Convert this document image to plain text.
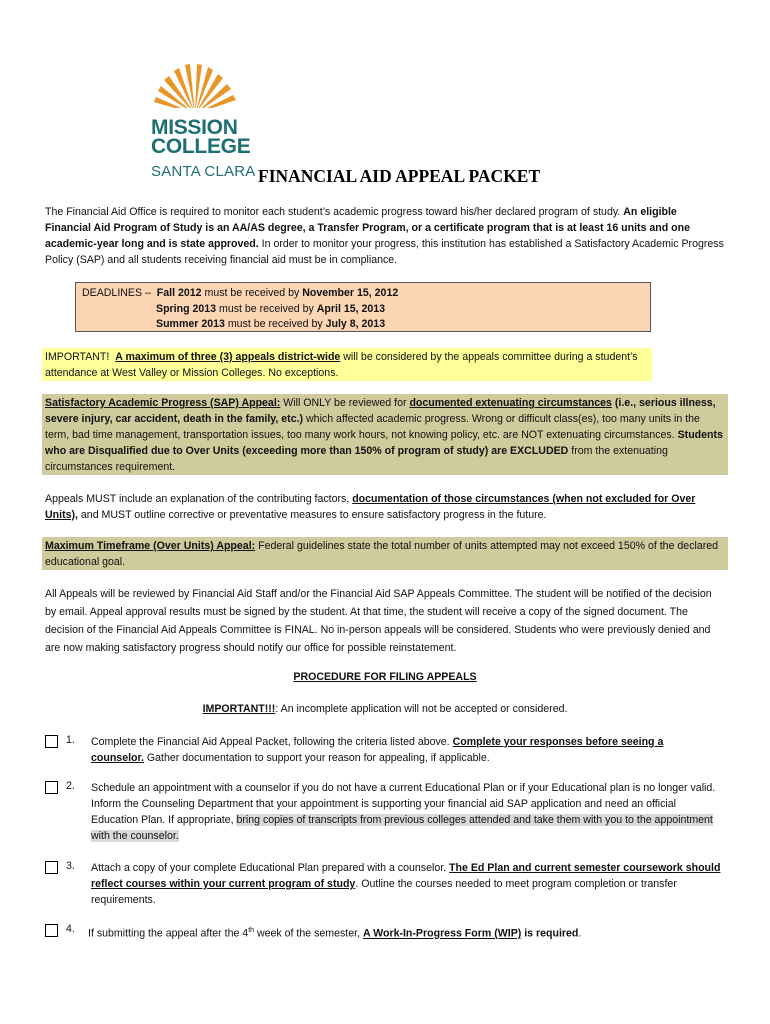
MISSION
COLLEGE
SANTA CLARA FINANCIAL AID APPEAL PACKET

The Financial Aid Office is required to monitor each student’s academic progress toward his/her declared program of study. An eligible Financial Aid Program of Study is an AA/AS degree, a Transfer Program, or a certificate program that is at least 16 units and one academic-year long and is state approved. In order to monitor your progress, this institution has established a Satisfactory Academic Progress Policy (SAP) and all students receiving financial aid must be in compliance.

DEADLINES – Fall 2012 must be received by November 15, 2012
Spring 2013 must be received by April 15, 2013
Summer 2013 must be received by July 8, 2013

IMPORTANT! A maximum of three (3) appeals district-wide will be considered by the appeals committee during a student’s attendance at West Valley or Mission Colleges. No exceptions.

Satisfactory Academic Progress (SAP) Appeal: Will ONLY be reviewed for documented extenuating circumstances (i.e., serious illness, severe injury, car accident, death in the family, etc.) which affected academic progress. Wrong or difficult class(es), too many units in the term, bad time management, transportation issues, too many work hours, not knowing policy, etc. are NOT extenuating circumstances. Students who are Disqualified due to Over Units (exceeding more than 150% of program of study) are EXCLUDED from the extenuating circumstances requirement.

Appeals MUST include an explanation of the contributing factors, documentation of those circumstances (when not excluded for Over Units), and MUST outline corrective or preventative measures to ensure satisfactory progress in the future.

Maximum Timeframe (Over Units) Appeal: Federal guidelines state the total number of units attempted may not exceed 150% of the declared educational goal.

All Appeals will be reviewed by Financial Aid Staff and/or the Financial Aid SAP Appeals Committee. The student will be notified of the decision by email. Appeal approval results must be signed by the student. At that time, the student will receive a copy of the signed document. The decision of the Financial Aid Appeals Committee is FINAL. No in-person appeals will be considered. Students who were previously denied and are now making satisfactory progress should notify our office for possible reinstatement.

PROCEDURE FOR FILING APPEALS
IMPORTANT!!!: An incomplete application will not be accepted or considered.
1. Complete the Financial Aid Appeal Packet, following the criteria listed above. Complete your responses before seeing a counselor. Gather documentation to support your reason for appealing, if applicable.

2. Schedule an appointment with a counselor if you do not have a current Educational Plan or if your Educational plan is no longer valid. Inform the Counseling Department that your appointment is supporting your financial aid SAP application and need an official Education Plan. If appropriate, bring copies of transcripts from previous colleges attended and take them with you to the appointment with the counselor.

3. Attach a copy of your complete Educational Plan prepared with a counselor. The Ed Plan and current semester coursework should reflect courses within your current program of study. Outline the courses needed to meet program completion or transfer requirements.

4. If submitting the appeal after the 4th week of the semester, A Work-In-Progress Form (WIP) is required.
